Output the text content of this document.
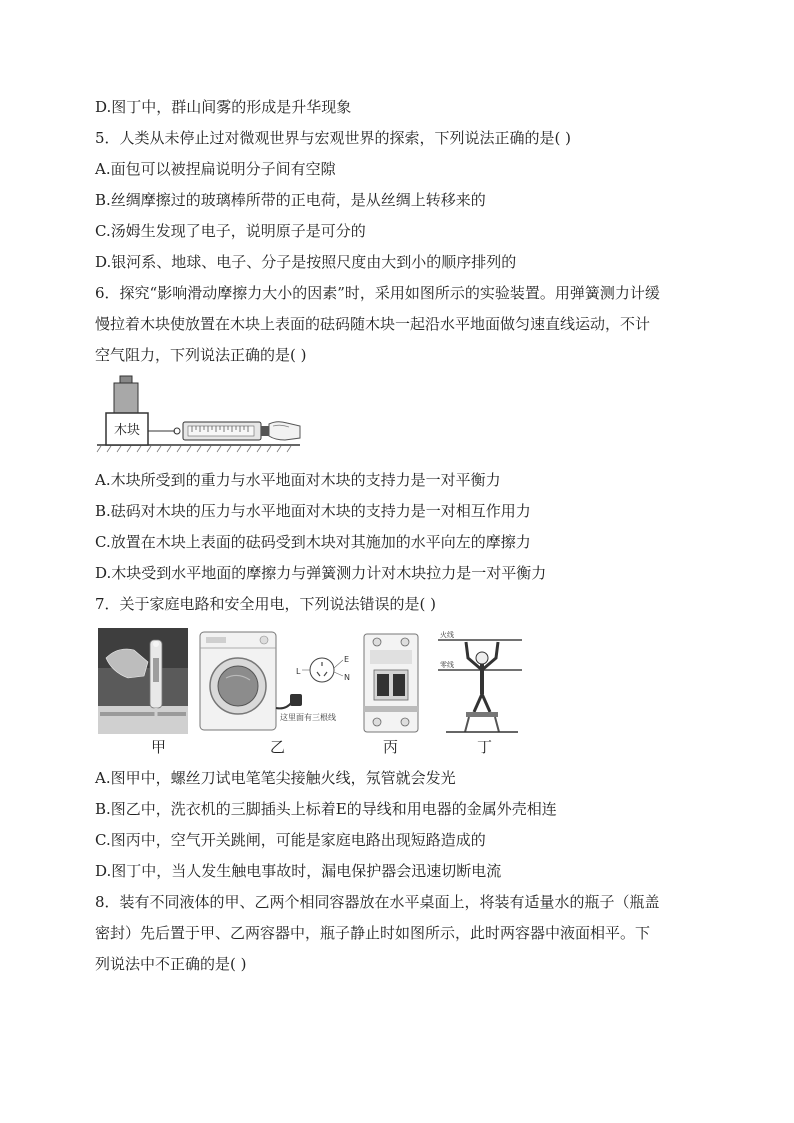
D.图丁中，群山间雾的形成是升华现象
5．人类从未停止过对微观世界与宏观世界的探索，下列说法正确的是( )
A.面包可以被捏扁说明分子间有空隙
B.丝绸摩擦过的玻璃棒所带的正电荷，是从丝绸上转移来的
C.汤姆生发现了电子，说明原子是可分的
D.银河系、地球、电子、分子是按照尺度由大到小的顺序排列的
6．探究“影响滑动摩擦力大小的因素”时，采用如图所示的实验装置。用弹簧测力计缓
慢拉着木块使放置在木块上表面的砝码随木块一起沿水平地面做匀速直线运动，不计
空气阻力，下列说法正确的是( )
木块
A.木块所受到的重力与水平地面对木块的支持力是一对平衡力
B.砝码对木块的压力与水平地面对木块的支持力是一对相互作用力
C.放置在木块上表面的砝码受到木块对其施加的水平向左的摩擦力
D.木块受到水平地面的摩擦力与弹簧测力计对木块拉力是一对平衡力
7．关于家庭电路和安全用电，下列说法错误的是( )
L
E
N
这里面有三根线
火线
零线
甲	乙	丙	丁
A.图甲中，螺丝刀试电笔笔尖接触火线，氖管就会发光
B.图乙中，洗衣机的三脚插头上标着E的导线和用电器的金属外壳相连
C.图丙中，空气开关跳闸，可能是家庭电路出现短路造成的
D.图丁中，当人发生触电事故时，漏电保护器会迅速切断电流
8．装有不同液体的甲、乙两个相同容器放在水平桌面上，将装有适量水的瓶子（瓶盖
密封）先后置于甲、乙两容器中，瓶子静止时如图所示，此时两容器中液面相平。下
列说法中不正确的是( )
